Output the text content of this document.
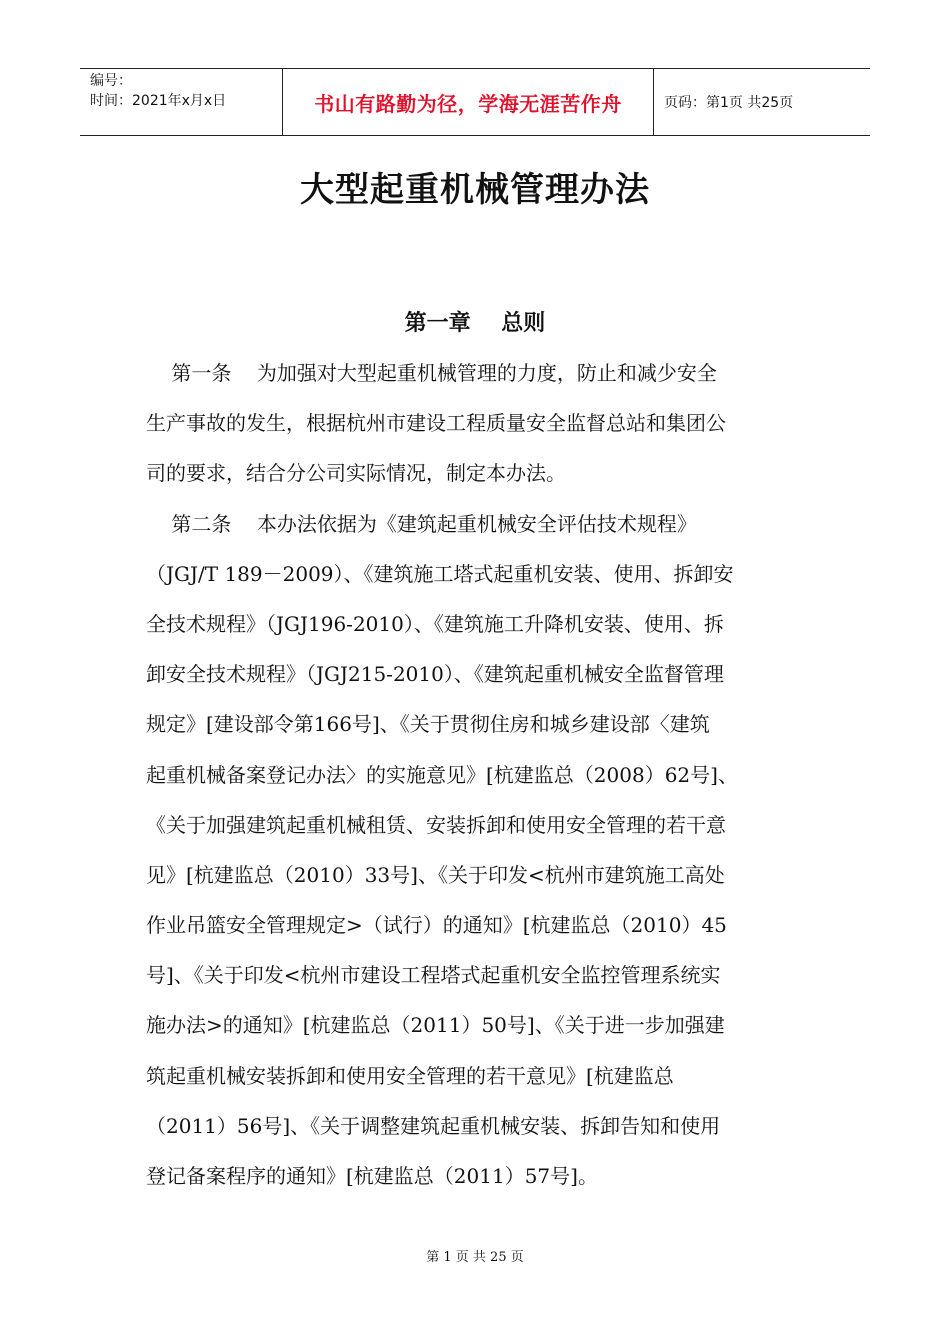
编号：
时间：2021年x月x日	书山有路勤为径，学海无涯苦作舟	页码：第1页 共25页
大型起重机械管理办法
第一章    总则
第一条    为加强对大型起重机械管理的力度，防止和减少安全
生产事故的发生，根据杭州市建设工程质量安全监督总站和集团公
司的要求，结合分公司实际情况，制定本办法。
第二条    本办法依据为《建筑起重机械安全评估技术规程》
（JGJ/T 189－2009）、《建筑施工塔式起重机安装、使用、拆卸安
全技术规程》（JGJ196-2010）、《建筑施工升降机安装、使用、拆
卸安全技术规程》（JGJ215-2010）、《建筑起重机械安全监督管理
规定》[建设部令第166号]、《关于贯彻住房和城乡建设部〈建筑
起重机械备案登记办法〉的实施意见》[杭建监总（2008）62号]、
《关于加强建筑起重机械租赁、安装拆卸和使用安全管理的若干意
见》[杭建监总（2010）33号]、《关于印发<杭州市建筑施工高处
作业吊篮安全管理规定>（试行）的通知》[杭建监总（2010）45
号]、《关于印发<杭州市建设工程塔式起重机安全监控管理系统实
施办法>的通知》[杭建监总（2011）50号]、《关于进一步加强建
筑起重机械安装拆卸和使用安全管理的若干意见》[杭建监总
（2011）56号]、《关于调整建筑起重机械安装、拆卸告知和使用
登记备案程序的通知》[杭建监总（2011）57号]。
第 1 页 共 25 页
